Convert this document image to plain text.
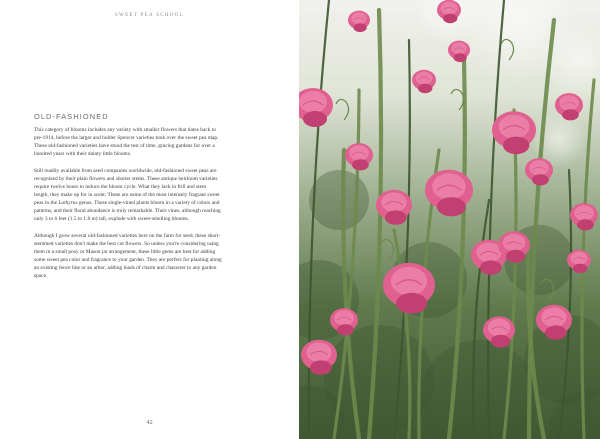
SWEET PEA SCHOOL
OLD-FASHIONED

This category of blooms includes any variety with smaller flowers that dates back to pre-1914, before the larger and bolder Spencer varieties took over the sweet pea map. These old-fashioned varieties have stood the test of time, gracing gardens for over a hundred years with their dainty little blooms.

Still readily available from seed companies worldwide, old-fashioned sweet peas are recognized by their plain flowers and shorter stems. These antique heirloom varieties require twelve hours to induce the bloom cycle. What they lack in frill and stem length, they make up for in scent: These are some of the most intensely fragrant sweet peas in the Lathyrus genus. These single-vined plants bloom in a variety of colors and patterns, and their floral abundance is truly remarkable. Their vines, although reaching only 3 to 6 feet (1.5 to 1.8 m) tall, explode with sweet-smelling blooms.

Although I grow several old-fashioned varieties here on the farm for seed, these short-stemmed varieties don't make the best cut flowers. So unless you're considering using them in a small posy or Mason jar arrangement, these little gems are best for adding some sweet pea color and fragrance to your garden. They are perfect for planting along an existing fence line or an arbor, adding loads of charm and character to any garden space.

42
